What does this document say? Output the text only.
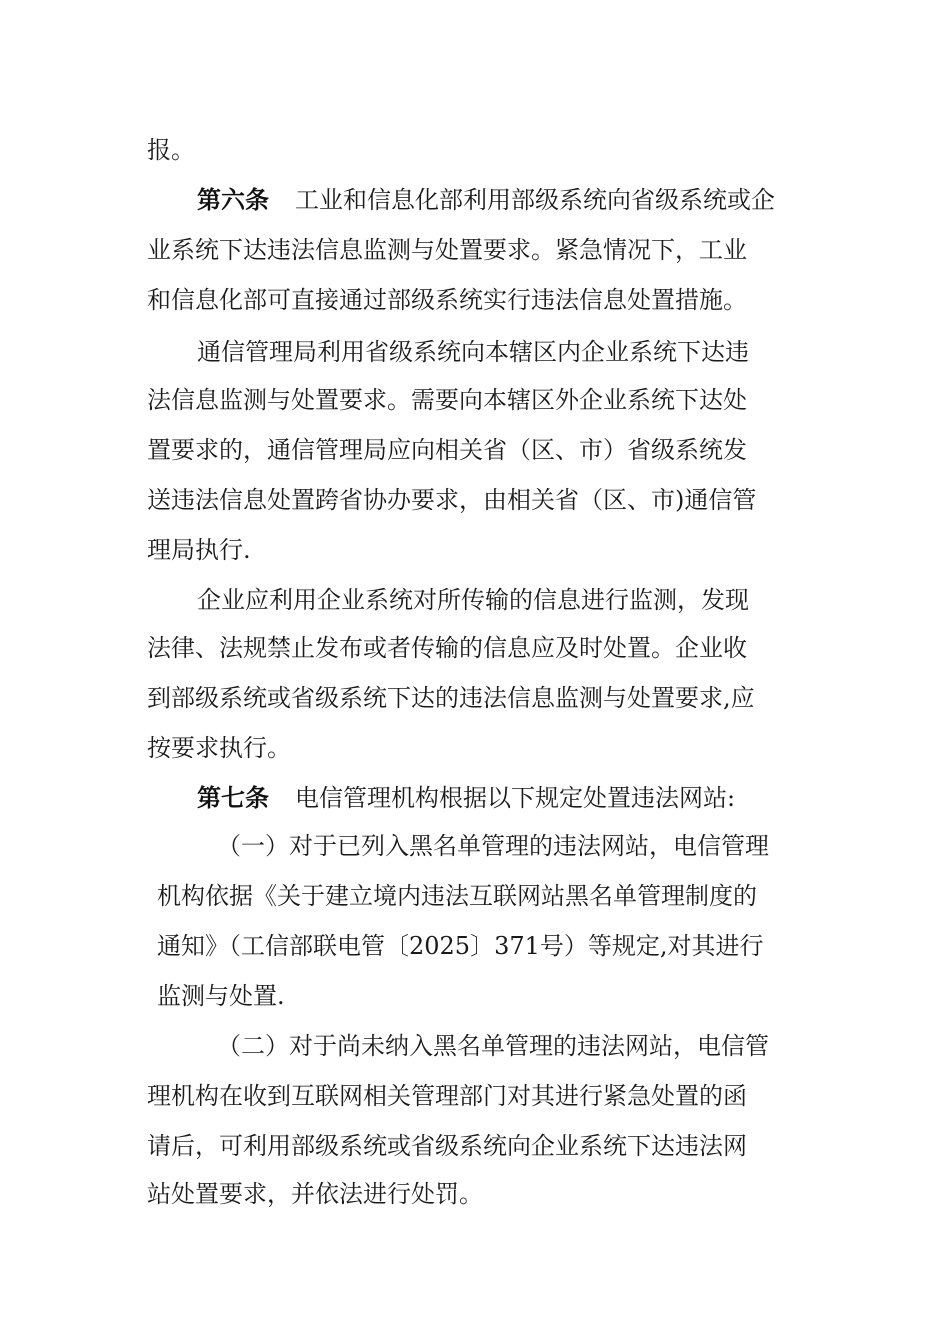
报。
第六条 工业和信息化部利用部级系统向省级系统或企
业系统下达违法信息监测与处置要求。紧急情况下，工业
和信息化部可直接通过部级系统实行违法信息处置措施。
通信管理局利用省级系统向本辖区内企业系统下达违
法信息监测与处置要求。需要向本辖区外企业系统下达处
置要求的，通信管理局应向相关省（区、市）省级系统发
送违法信息处置跨省协办要求，由相关省（区、市)通信管
理局执行.
企业应利用企业系统对所传输的信息进行监测，发现
法律、法规禁止发布或者传输的信息应及时处置。企业收
到部级系统或省级系统下达的违法信息监测与处置要求,应
按要求执行。
第七条 电信管理机构根据以下规定处置违法网站:
（一）对于已列入黑名单管理的违法网站，电信管理
机构依据《关于建立境内违法互联网站黑名单管理制度的
通知》（工信部联电管〔2025〕371号）等规定,对其进行
监测与处置.
（二）对于尚未纳入黑名单管理的违法网站，电信管
理机构在收到互联网相关管理部门对其进行紧急处置的函
请后，可利用部级系统或省级系统向企业系统下达违法网
站处置要求，并依法进行处罚。
